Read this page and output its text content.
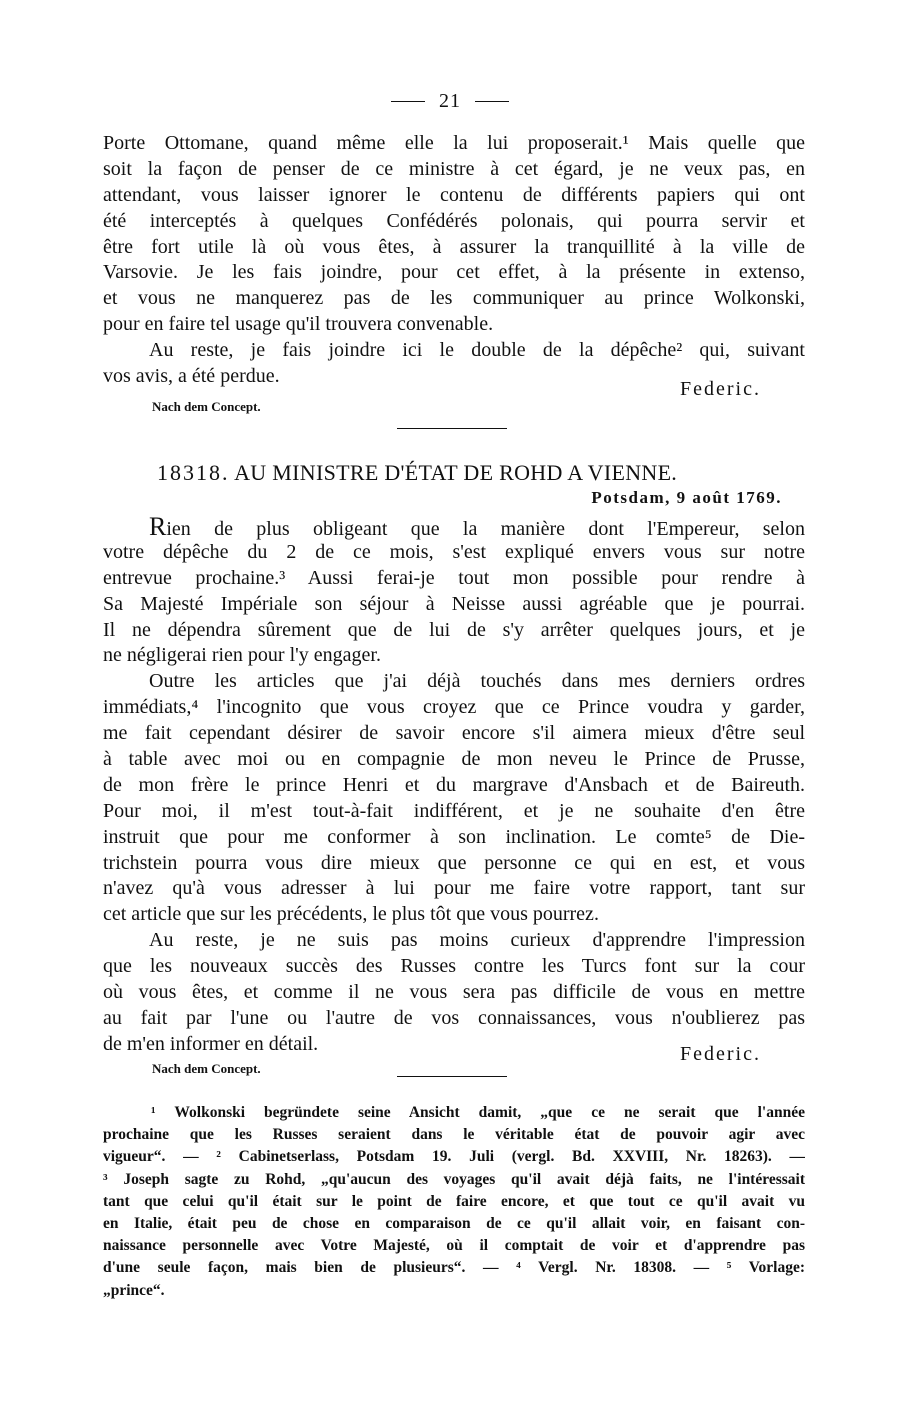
21
Porte Ottomane, quand même elle la lui proposerait.¹ Mais quelle que
soit la façon de penser de ce ministre à cet égard, je ne veux pas, en
attendant, vous laisser ignorer le contenu de différents papiers qui ont
été interceptés à quelques Confédérés polonais, qui pourra servir et
être fort utile là où vous êtes, à assurer la tranquillité à la ville de
Varsovie. Je les fais joindre, pour cet effet, à la présente in extenso,
et vous ne manquerez pas de les communiquer au prince Wolkonski,
pour en faire tel usage qu'il trouvera convenable.
Au reste, je fais joindre ici le double de la dépêche² qui, suivant
vos avis, a été perdue.
Federic.
Nach dem Concept.
18318. AU MINISTRE D'ÉTAT DE ROHD A VIENNE.
Potsdam, 9 août 1769.
Rien de plus obligeant que la manière dont l'Empereur, selon
votre dépêche du 2 de ce mois, s'est expliqué envers vous sur notre
entrevue prochaine.³ Aussi ferai-je tout mon possible pour rendre à
Sa Majesté Impériale son séjour à Neisse aussi agréable que je pourrai.
Il ne dépendra sûrement que de lui de s'y arrêter quelques jours, et je
ne négligerai rien pour l'y engager.
Outre les articles que j'ai déjà touchés dans mes derniers ordres
immédiats,⁴ l'incognito que vous croyez que ce Prince voudra y garder,
me fait cependant désirer de savoir encore s'il aimera mieux d'être seul
à table avec moi ou en compagnie de mon neveu le Prince de Prusse,
de mon frère le prince Henri et du margrave d'Ansbach et de Baireuth.
Pour moi, il m'est tout-à-fait indifférent, et je ne souhaite d'en être
instruit que pour me conformer à son inclination. Le comte⁵ de Die-
trichstein pourra vous dire mieux que personne ce qui en est, et vous
n'avez qu'à vous adresser à lui pour me faire votre rapport, tant sur
cet article que sur les précédents, le plus tôt que vous pourrez.
Au reste, je ne suis pas moins curieux d'apprendre l'impression
que les nouveaux succès des Russes contre les Turcs font sur la cour
où vous êtes, et comme il ne vous sera pas difficile de vous en mettre
au fait par l'une ou l'autre de vos connaissances, vous n'oublierez pas
de m'en informer en détail.	Federic.
Nach dem Concept.
¹ Wolkonski begründete seine Ansicht damit, „que ce ne serait que l'année
prochaine que les Russes seraient dans le véritable état de pouvoir agir avec
vigueur“. — ² Cabinetserlass, Potsdam 19. Juli (vergl. Bd. XXVIII, Nr. 18263). —
³ Joseph sagte zu Rohd, „qu'aucun des voyages qu'il avait déjà faits, ne l'intéressait
tant que celui qu'il était sur le point de faire encore, et que tout ce qu'il avait vu
en Italie, était peu de chose en comparaison de ce qu'il allait voir, en faisant con-
naissance personnelle avec Votre Majesté, où il comptait de voir et d'apprendre pas
d'une seule façon, mais bien de plusieurs“. — ⁴ Vergl. Nr. 18308. — ⁵ Vorlage:
„prince“.
